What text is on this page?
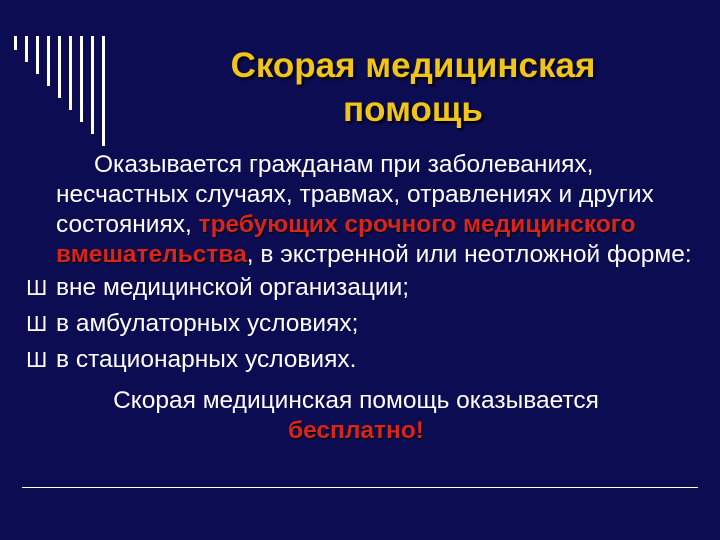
Скорая медицинская
помощь

Оказывается гражданам при заболеваниях, несчастных случаях, травмах, отравлениях и других состояниях, требующих срочного медицинского вмешательства, в экстренной или неотложной форме:

Ш вне медицинской организации;
Ш в амбулаторных условиях;
Ш в стационарных условиях.

Скорая медицинская помощь оказывается
бесплатно!
